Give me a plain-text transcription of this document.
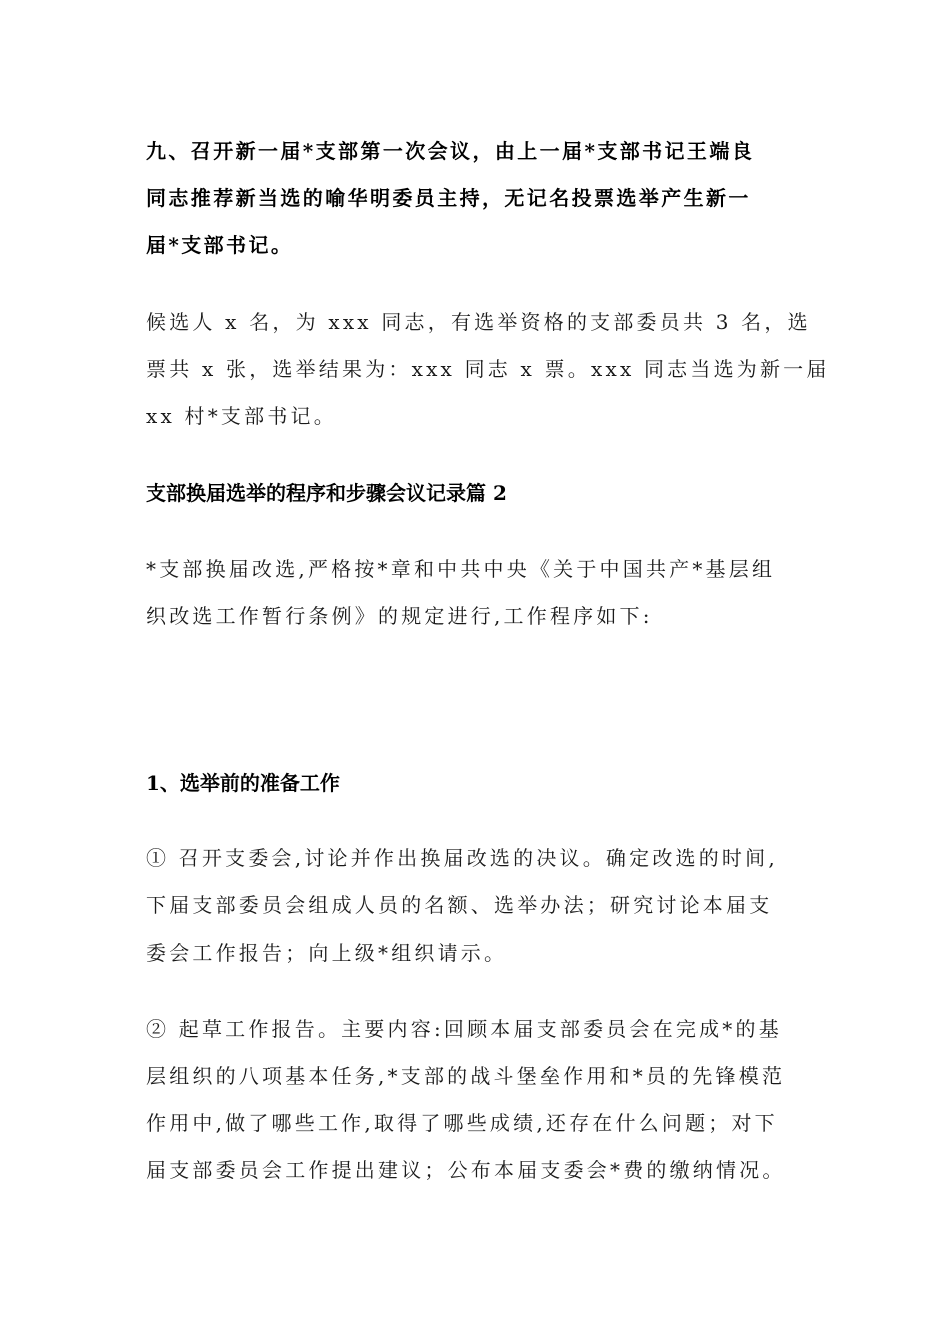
九、召开新一届*支部第一次会议，由上一届*支部书记王端良
同志推荐新当选的喻华明委员主持，无记名投票选举产生新一
届*支部书记。
候选人 x 名，为 xxx 同志，有选举资格的支部委员共 3 名，选
票共 x 张，选举结果为：xxx 同志 x 票。xxx 同志当选为新一届
xx 村*支部书记。
支部换届选举的程序和步骤会议记录篇 2
*支部换届改选,严格按*章和中共中央《关于中国共产*基层组
织改选工作暂行条例》的规定进行,工作程序如下:
1、选举前的准备工作
① 召开支委会,讨论并作出换届改选的决议。确定改选的时间,
下届支部委员会组成人员的名额、选举办法；研究讨论本届支
委会工作报告；向上级*组织请示。
② 起草工作报告。主要内容:回顾本届支部委员会在完成*的基
层组织的八项基本任务,*支部的战斗堡垒作用和*员的先锋模范
作用中,做了哪些工作,取得了哪些成绩,还存在什么问题；对下
届支部委员会工作提出建议；公布本届支委会*费的缴纳情况。
